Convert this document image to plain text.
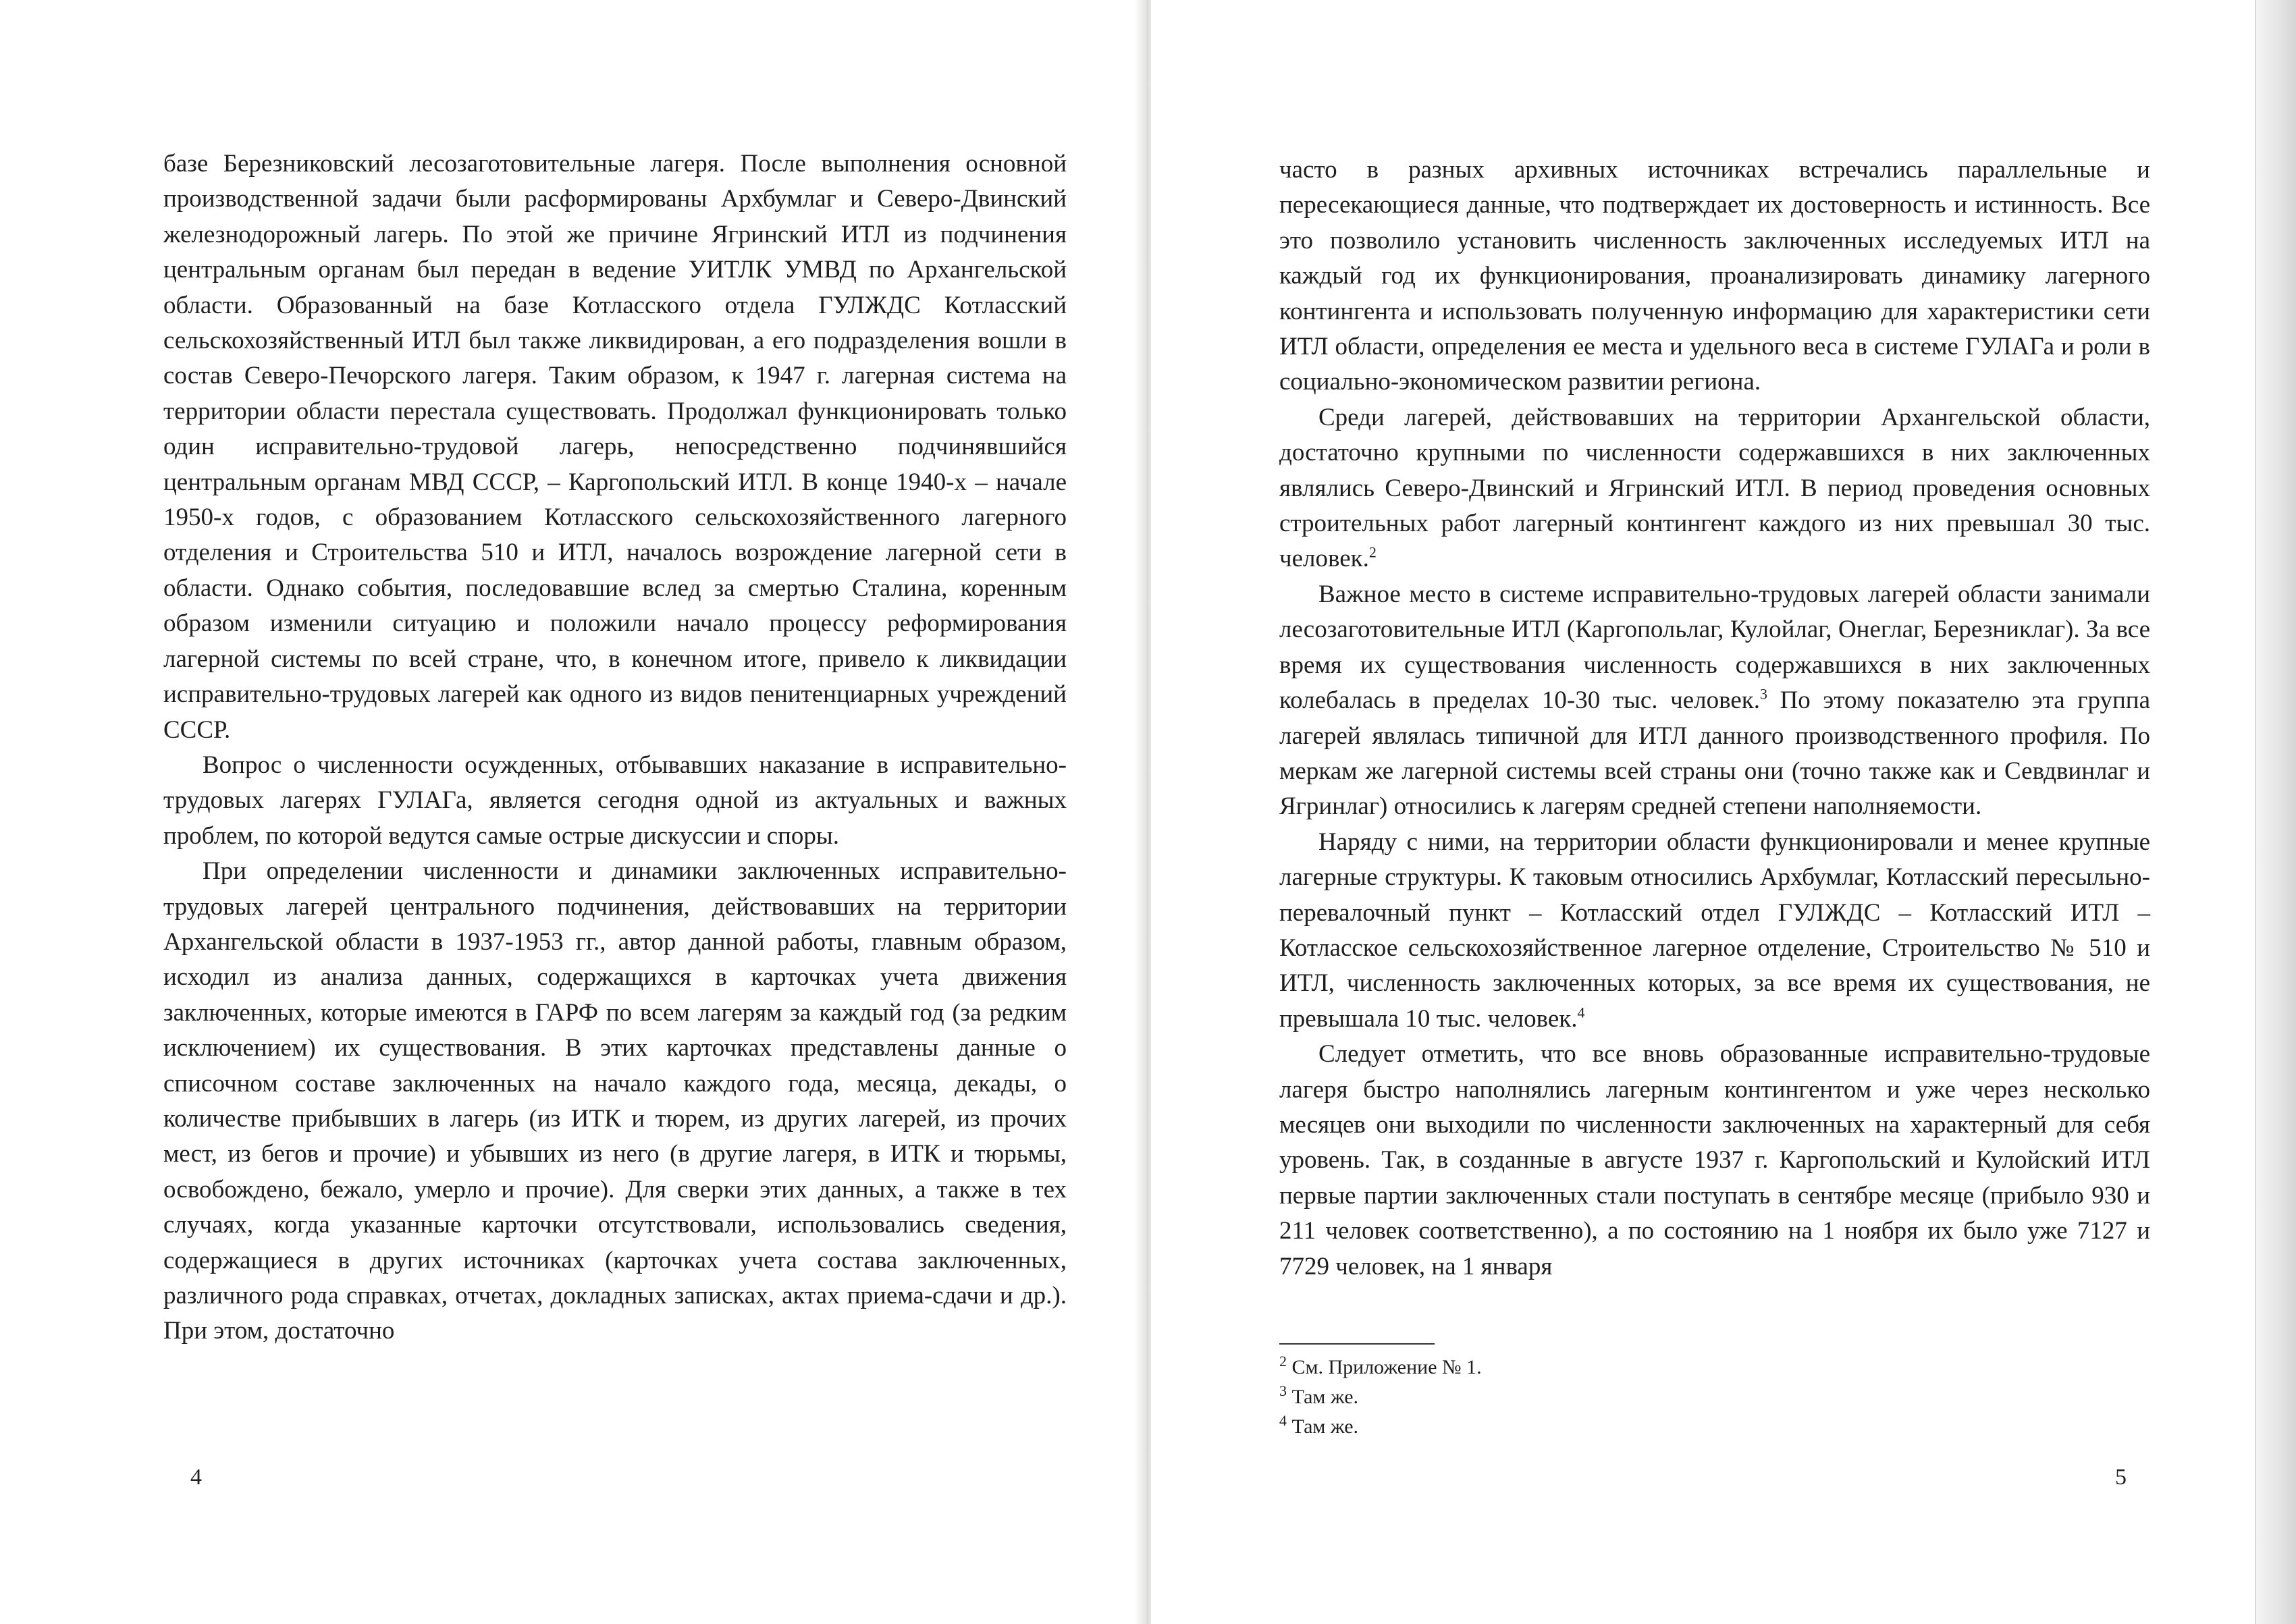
базе Березниковский лесозаготовительные лагеря. После выполнения основной производственной задачи были расформированы Архбумлаг и Северо-Двинский железнодорожный лагерь. По этой же причине Ягринский ИТЛ из подчинения центральным органам был передан в ведение УИТЛК УМВД по Архангельской области. Образованный на базе Котласского отдела ГУЛЖДС Котласский сельскохозяйственный ИТЛ был также ликвидирован, а его подразделения вошли в состав Северо-Печорского лагеря. Таким образом, к 1947 г. лагерная система на территории области перестала существовать. Продолжал функционировать только один исправительно-трудовой лагерь, непосредственно подчинявшийся центральным органам МВД СССР, – Каргопольский ИТЛ. В конце 1940-х – начале 1950-х годов, с образованием Котласского сельскохозяйственного лагерного отделения и Строительства 510 и ИТЛ, началось возрождение лагерной сети в области. Однако события, последовавшие вслед за смертью Сталина, коренным образом изменили ситуацию и положили начало процессу реформирования лагерной системы по всей стране, что, в конечном итоге, привело к ликвидации исправительно-трудовых лагерей как одного из видов пенитенциарных учреждений СССР.

Вопрос о численности осужденных, отбывавших наказание в исправительно-трудовых лагерях ГУЛАГа, является сегодня одной из актуальных и важных проблем, по которой ведутся самые острые дискуссии и споры.

При определении численности и динамики заключенных исправительно-трудовых лагерей центрального подчинения, действовавших на территории Архангельской области в 1937-1953 гг., автор данной работы, главным образом, исходил из анализа данных, содержащихся в карточках учета движения заключенных, которые имеются в ГАРФ по всем лагерям за каждый год (за редким исключением) их существования. В этих карточках представлены данные о списочном составе заключенных на начало каждого года, месяца, декады, о количестве прибывших в лагерь (из ИТК и тюрем, из других лагерей, из прочих мест, из бегов и прочие) и убывших из него (в другие лагеря, в ИТК и тюрьмы, освобождено, бежало, умерло и прочие). Для сверки этих данных, а также в тех случаях, когда указанные карточки отсутствовали, использовались сведения, содержащиеся в других источниках (карточках учета состава заключенных, различного рода справках, отчетах, докладных записках, актах приема-сдачи и др.). При этом, достаточно

4

часто в разных архивных источниках встречались параллельные и пересекающиеся данные, что подтверждает их достоверность и истинность. Все это позволило установить численность заключенных исследуемых ИТЛ на каждый год их функционирования, проанализировать динамику лагерного контингента и использовать полученную информацию для характеристики сети ИТЛ области, определения ее места и удельного веса в системе ГУЛАГа и роли в социально-экономическом развитии региона.

Среди лагерей, действовавших на территории Архангельской области, достаточно крупными по численности содержавшихся в них заключенных являлись Северо-Двинский и Ягринский ИТЛ. В период проведения основных строительных работ лагерный контингент каждого из них превышал 30 тыс. человек.$^2$

Важное место в системе исправительно-трудовых лагерей области занимали лесозаготовительные ИТЛ (Каргопольлаг, Кулойлаг, Онеглаг, Березниклаг). За все время их существования численность содержавшихся в них заключенных колебалась в пределах 10-30 тыс. человек.$^3$ По этому показателю эта группа лагерей являлась типичной для ИТЛ данного производственного профиля. По меркам же лагерной системы всей страны они (точно также как и Севдвинлаг и Ягринлаг) относились к лагерям средней степени наполняемости.

Наряду с ними, на территории области функционировали и менее крупные лагерные структуры. К таковым относились Архбумлаг, Котласский пересыльно-перевалочный пункт – Котласский отдел ГУЛЖДС – Котласский ИТЛ – Котласское сельскохозяйственное лагерное отделение, Строительство № 510 и ИТЛ, численность заключенных которых, за все время их существования, не превышала 10 тыс. человек.$^4$

Следует отметить, что все вновь образованные исправительно-трудовые лагеря быстро наполнялись лагерным контингентом и уже через несколько месяцев они выходили по численности заключенных на характерный для себя уровень. Так, в созданные в августе 1937 г. Каргопольский и Кулойский ИТЛ первые партии заключенных стали поступать в сентябре месяце (прибыло 930 и 211 человек соответственно), а по состоянию на 1 ноября их было уже 7127 и 7729 человек, на 1 января

$^2$ См. Приложение № 1.
$^3$ Там же.
$^4$ Там же.
5
